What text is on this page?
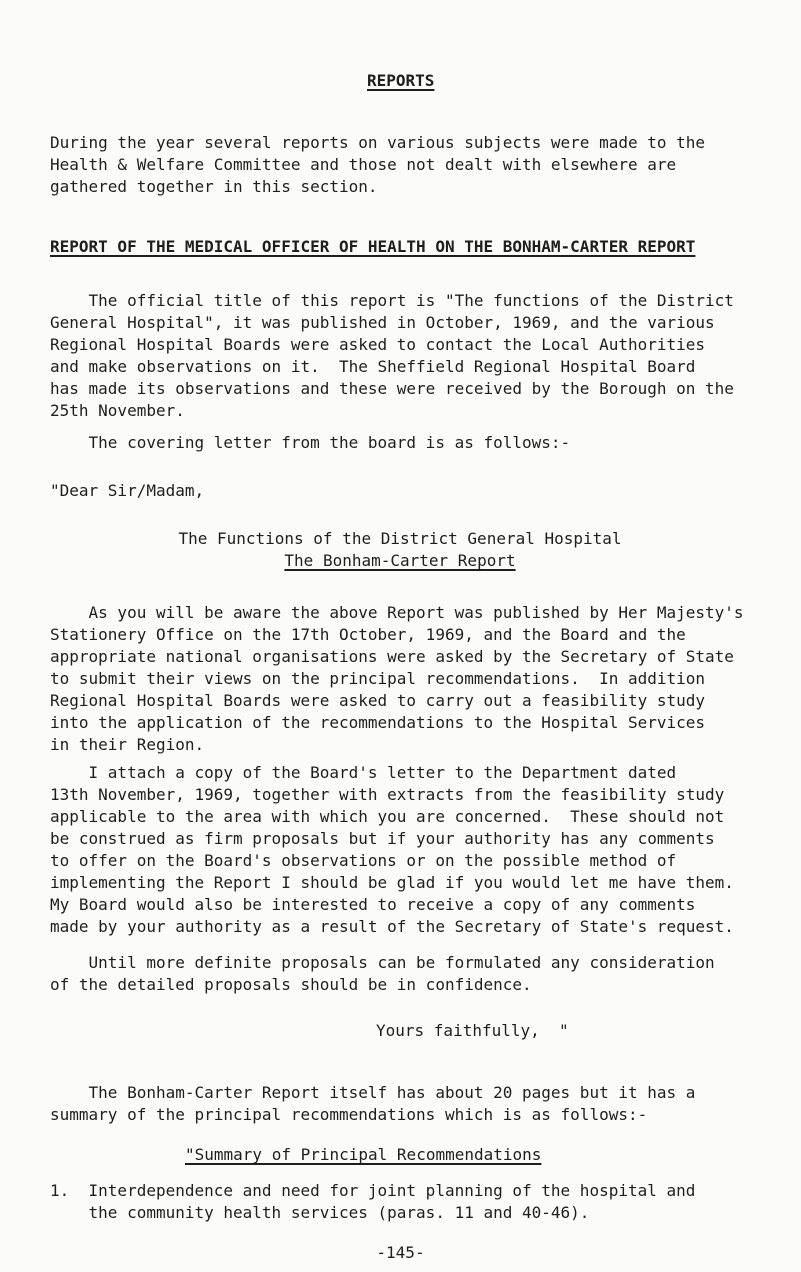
REPORTS

During the year several reports on various subjects were made to the
Health & Welfare Committee and those not dealt with elsewhere are
gathered together in this section.

REPORT OF THE MEDICAL OFFICER OF HEALTH ON THE BONHAM-CARTER REPORT

The official title of this report is "The functions of the District
General Hospital", it was published in October, 1969, and the various
Regional Hospital Boards were asked to contact the Local Authorities
and make observations on it.  The Sheffield Regional Hospital Board
has made its observations and these were received by the Borough on the
25th November.

The covering letter from the board is as follows:-

"Dear Sir/Madam,

The Functions of the District General Hospital

The Bonham-Carter Report

As you will be aware the above Report was published by Her Majesty's
Stationery Office on the 17th October, 1969, and the Board and the
appropriate national organisations were asked by the Secretary of State
to submit their views on the principal recommendations.  In addition
Regional Hospital Boards were asked to carry out a feasibility study
into the application of the recommendations to the Hospital Services
in their Region.

I attach a copy of the Board's letter to the Department dated
13th November, 1969, together with extracts from the feasibility study
applicable to the area with which you are concerned.  These should not
be construed as firm proposals but if your authority has any comments
to offer on the Board's observations or on the possible method of
implementing the Report I should be glad if you would let me have them.
My Board would also be interested to receive a copy of any comments
made by your authority as a result of the Secretary of State's request.

Until more definite proposals can be formulated any consideration
of the detailed proposals should be in confidence.

Yours faithfully,  "

The Bonham-Carter Report itself has about 20 pages but it has a
summary of the principal recommendations which is as follows:-

"Summary of Principal Recommendations

1.  Interdependence and need for joint planning of the hospital and
the community health services (paras. 11 and 40-46).

-145-
